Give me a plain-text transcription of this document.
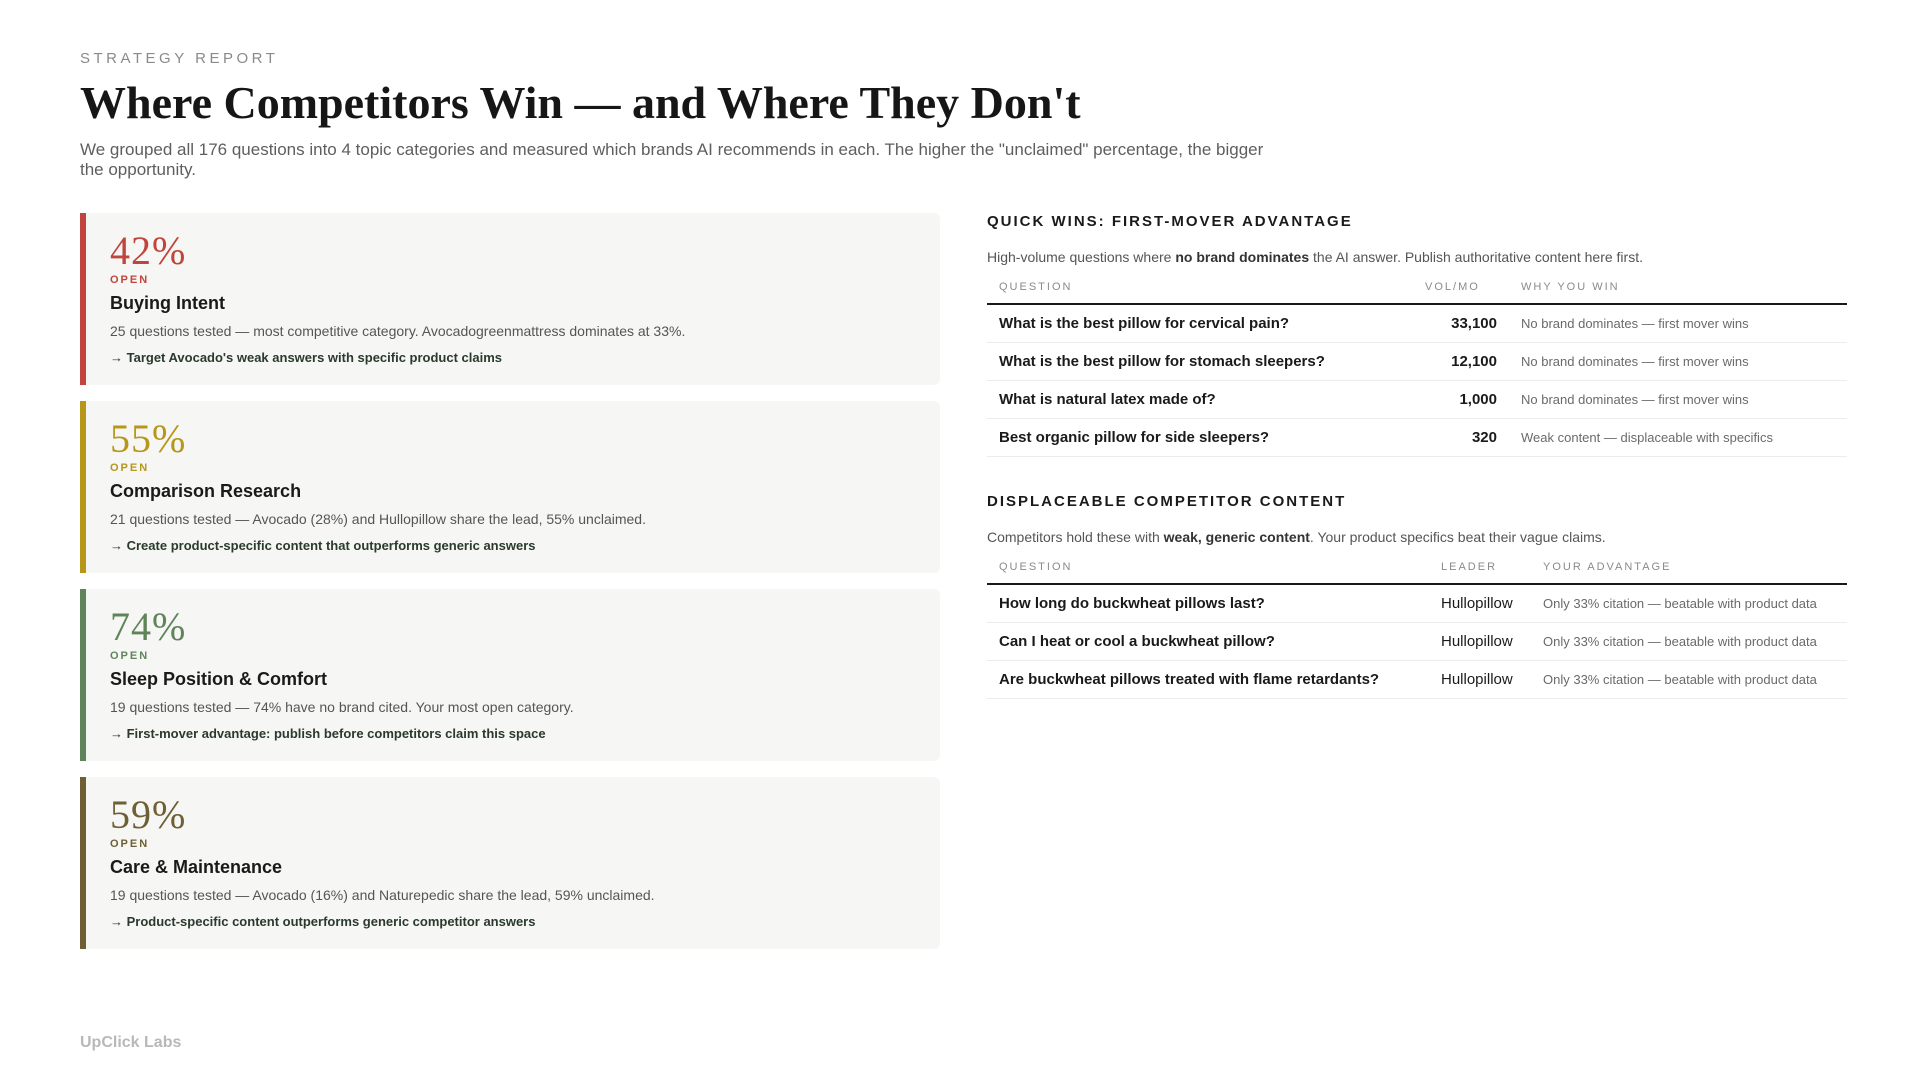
STRATEGY REPORT
Where Competitors Win — and Where They Don't

We grouped all 176 questions into 4 topic categories and measured which brands AI recommends in each. The higher the "unclaimed" percentage, the bigger the opportunity.

42%
OPEN
Buying Intent
25 questions tested — most competitive category. Avocadogreenmattress dominates at 33%.
→ Target Avocado's weak answers with specific product claims
55%
OPEN
Comparison Research
21 questions tested — Avocado (28%) and Hullopillow share the lead, 55% unclaimed.
→ Create product-specific content that outperforms generic answers
74%
OPEN
Sleep Position & Comfort
19 questions tested — 74% have no brand cited. Your most open category.
→ First-mover advantage: publish before competitors claim this space
59%
OPEN
Care & Maintenance
19 questions tested — Avocado (16%) and Naturepedic share the lead, 59% unclaimed.
→ Product-specific content outperforms generic competitor answers
QUICK WINS: FIRST-MOVER ADVANTAGE

High-volume questions where no brand dominates the AI answer. Publish authoritative content here first.

QUESTION	VOL/MO	WHY YOU WIN
What is the best pillow for cervical pain?	33,100	No brand dominates — first mover wins
What is the best pillow for stomach sleepers?	12,100	No brand dominates — first mover wins
What is natural latex made of?	1,000	No brand dominates — first mover wins
Best organic pillow for side sleepers?	320	Weak content — displaceable with specifics
DISPLACEABLE COMPETITOR CONTENT

Competitors hold these with weak, generic content. Your product specifics beat their vague claims.

QUESTION	LEADER	YOUR ADVANTAGE
How long do buckwheat pillows last?	Hullopillow	Only 33% citation — beatable with product data
Can I heat or cool a buckwheat pillow?	Hullopillow	Only 33% citation — beatable with product data
Are buckwheat pillows treated with flame retardants?	Hullopillow	Only 33% citation — beatable with product data
UpClick Labs
